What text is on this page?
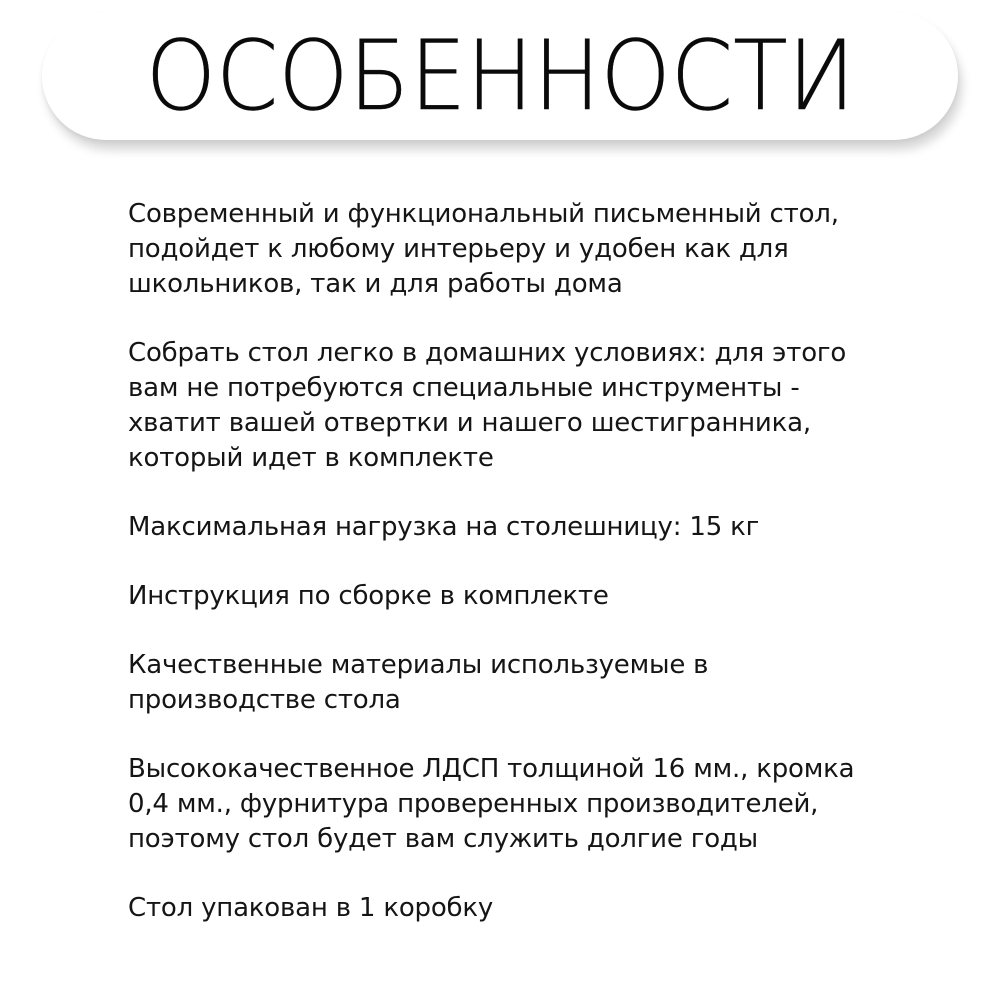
ОСОБЕННОСТИ
Современный и функциональный письменный стол,
подойдет к любому интерьеру и удобен как для
школьников, так и для работы дома
Собрать стол легко в домашних условиях: для этого
вам не потребуются специальные инструменты -
хватит вашей отвертки и нашего шестигранника,
который идет в комплекте
Максимальная нагрузка на столешницу: 15 кг
Инструкция по сборке в комплекте
Качественные материалы используемые в
производстве стола
Высококачественное ЛДСП толщиной 16 мм., кромка
0,4 мм., фурнитура проверенных производителей,
поэтому стол будет вам служить долгие годы
Стол упакован в 1 коробку
